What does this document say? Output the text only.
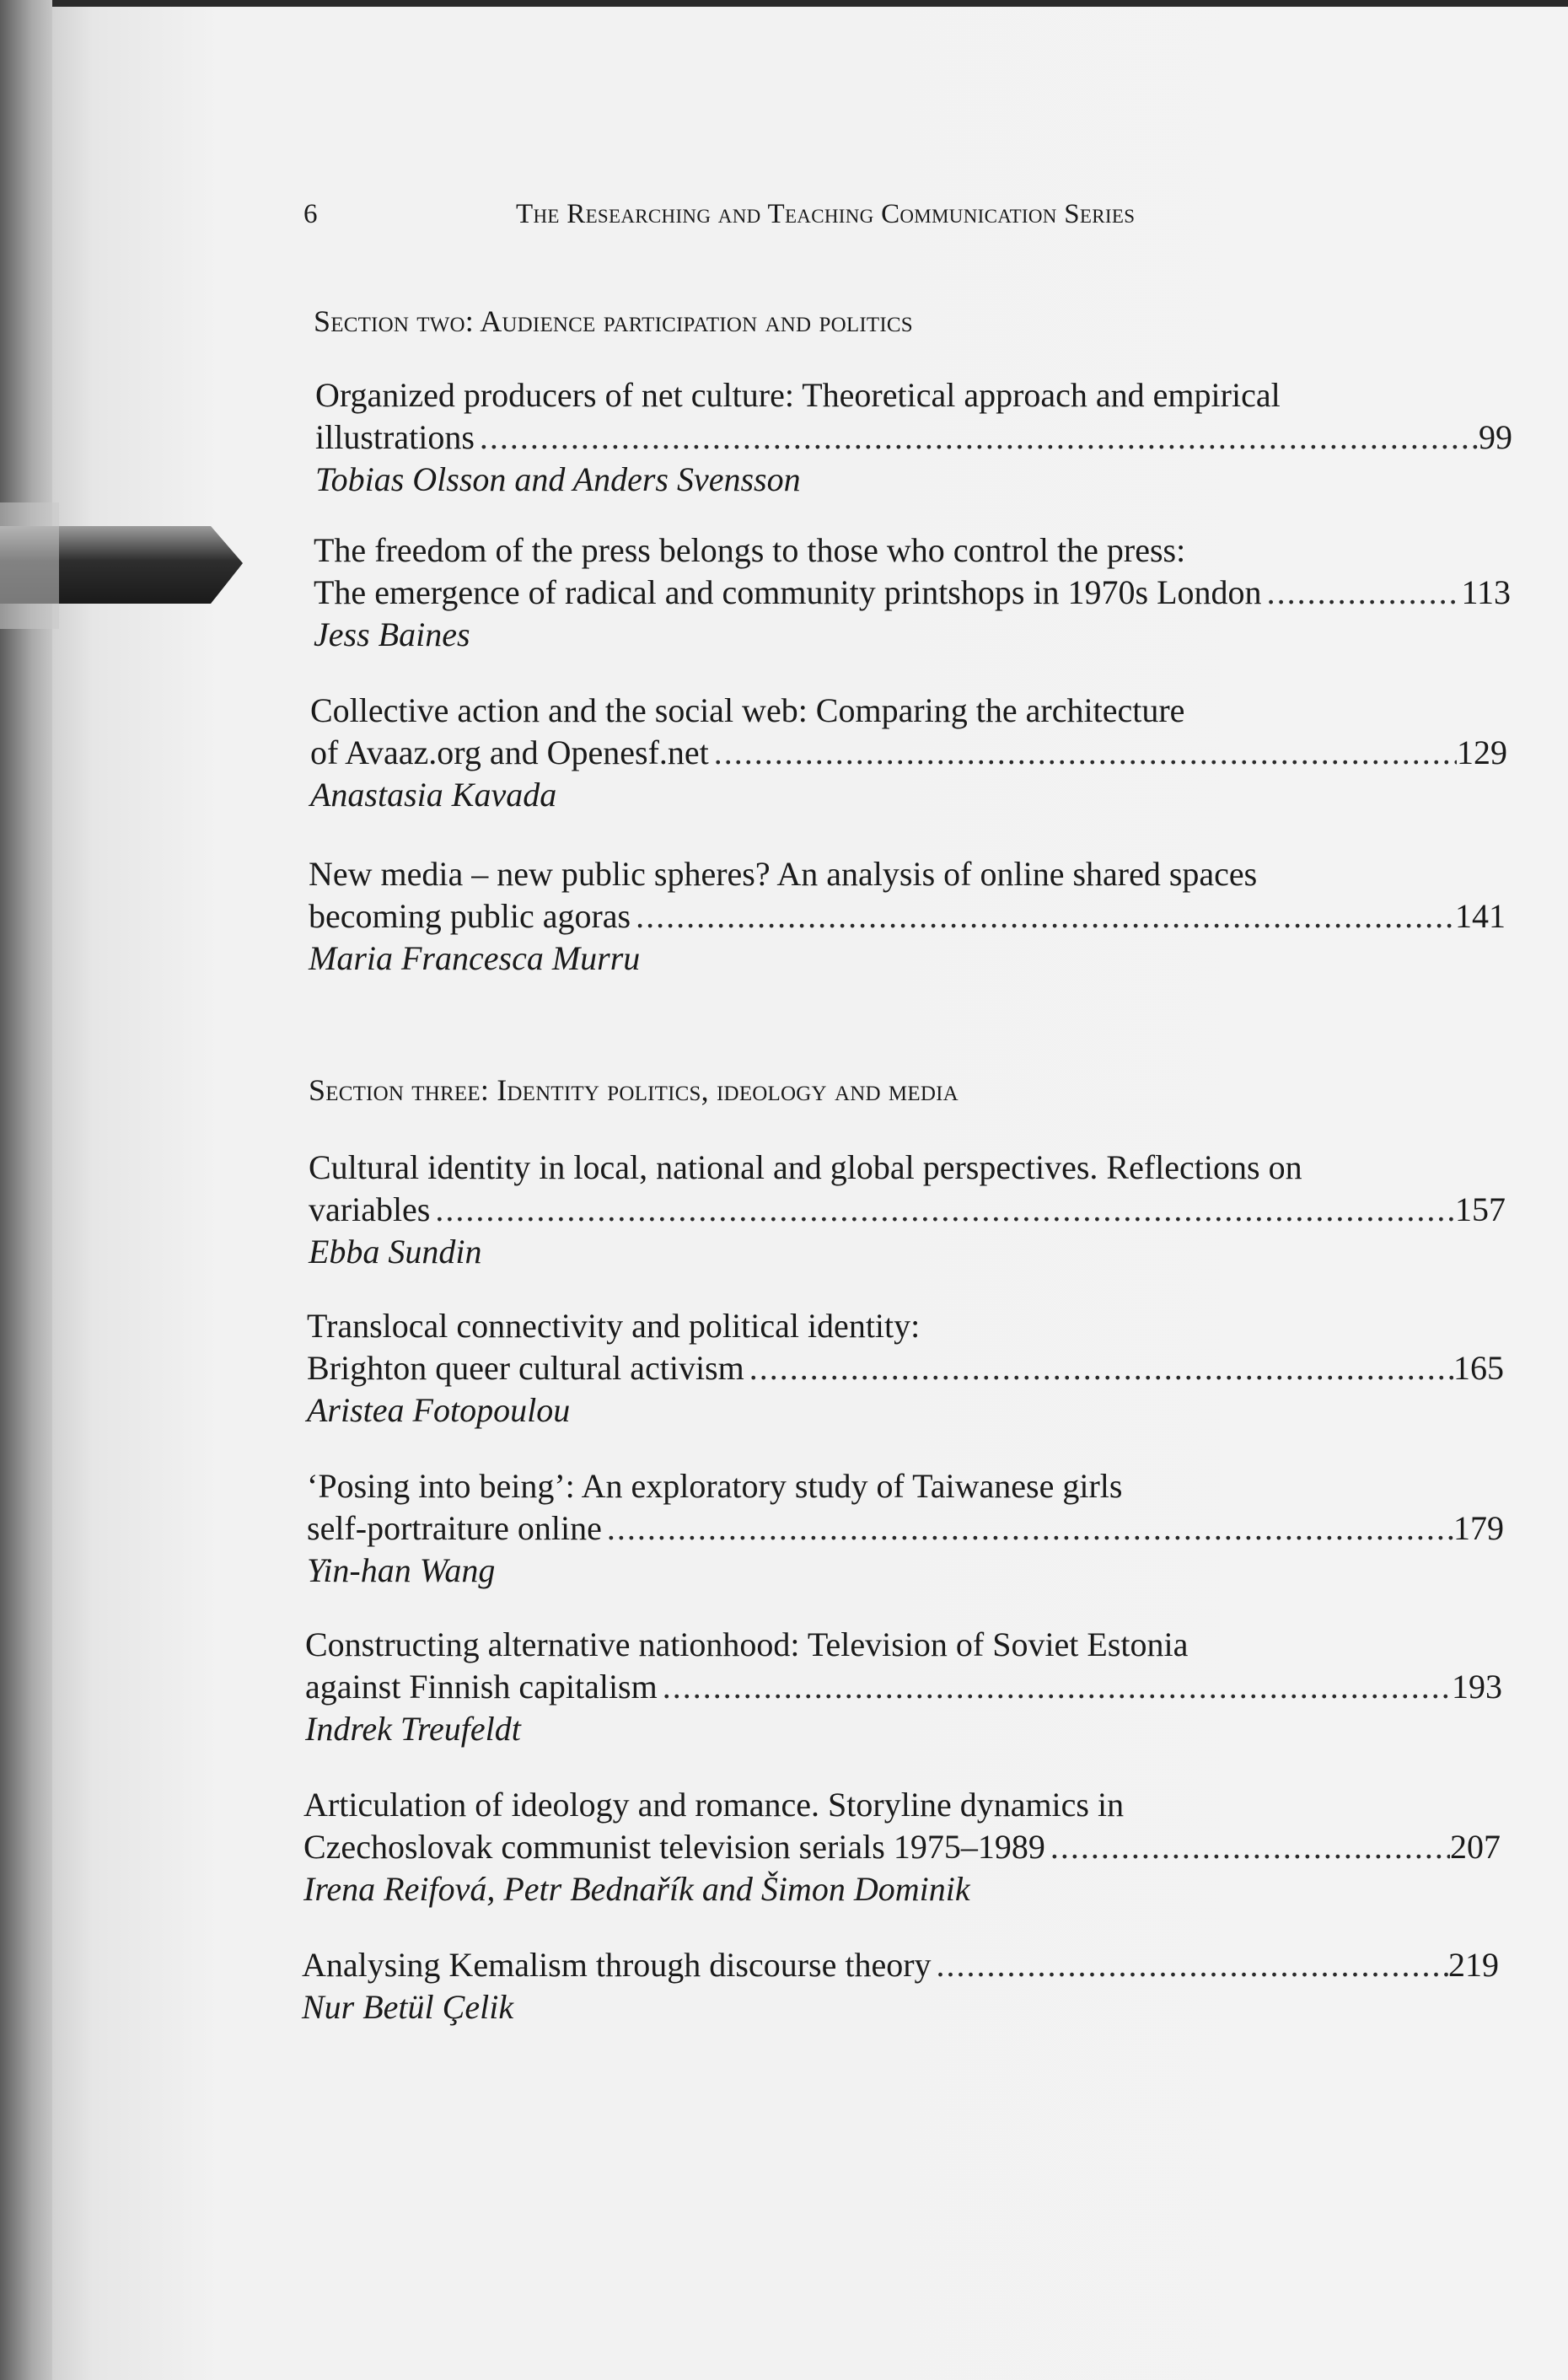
6	The Researching and Teaching Communication Series
Section two: Audience participation and politics
Organized producers of net culture: Theoretical approach and empirical
illustrations .....	99
Tobias Olsson and Anders Svensson
The freedom of the press belongs to those who control the press:
The emergence of radical and community printshops in 1970s London .....	113
Jess Baines
Collective action and the social web: Comparing the architecture
of Avaaz.org and Openesf.net .....	129
Anastasia Kavada
New media – new public spheres? An analysis of online shared spaces
becoming public agoras .....	141
Maria Francesca Murru
Section three: Identity politics, ideology and media
Cultural identity in local, national and global perspectives. Reflections on
variables .....	157
Ebba Sundin
Translocal connectivity and political identity:
Brighton queer cultural activism .....	165
Aristea Fotopoulou
‘Posing into being’: An exploratory study of Taiwanese girls
self-portraiture online .....	179
Yin-han Wang
Constructing alternative nationhood: Television of Soviet Estonia
against Finnish capitalism .....	193
Indrek Treufeldt
Articulation of ideology and romance. Storyline dynamics in
Czechoslovak communist television serials 1975–1989 .....	207
Irena Reifová, Petr Bednařík and Šimon Dominik
Analysing Kemalism through discourse theory .....	219
Nur Betül Çelik
